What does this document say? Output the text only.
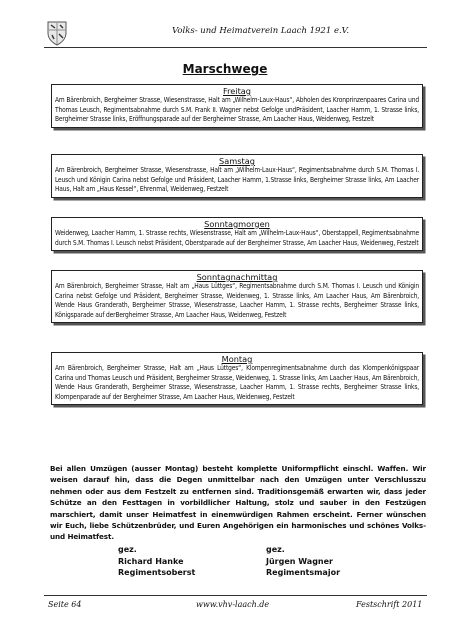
Volks- und Heimatverein Laach 1921 e.V.
Marschwege
Freitag
Am Bärenbroich, Bergheimer Strasse, Wiesenstrasse, Halt am „Wilhelm-Laux-Haus“, Abholen des Kronprinzenpaares Carina und Thomas Leusch, Regimentsabnahme durch S.M. Frank II. Wagner nebst Gefolge undPräsident, Laacher Hamm, 1. Strasse links, Bergheimer Strasse links, Eröffnungsparade auf der Bergheimer Strasse, Am Laacher Haus, Weidenweg, Festzelt
Samstag
Am Bärenbroich, Bergheimer Strasse, Wiesenstrasse, Halt am „Wilhelm-Laux-Haus“, Regimentsabnahme durch S.M. Thomas I. Leusch und Königin Carina nebst Gefolge und Präsident, Laacher Hamm, 1.Strasse links, Bergheimer Strasse links, Am Laacher Haus, Halt am „Haus Kessel“, Ehrenmal, Weidenweg, Festzelt
Sonntagmorgen
Weidenweg, Laacher Hamm, 1. Strasse rechts, Wiesenstrasse, Halt am „Wilhelm-Laux-Haus“, Oberstappell, Regimentsabnahme durch S.M. Thomas I. Leusch nebst Präsident, Oberstparade auf der Bergheimer Strasse, Am Laacher Haus, Weidenweg, Festzelt
Sonntagnachmittag
Am Bärenbroich, Bergheimer Strasse, Halt am „Haus Lüttges“, Regimentsabnahme durch S.M. Thomas I. Leusch und Königin Carina nebst Gefolge und Präsident, Bergheimer Strasse, Weidenweg, 1. Strasse links, Am Laacher Haus, Am Bärenbroich, Wende Haus Granderath, Bergheimer Strasse, Wiesenstrasse, Laacher Hamm, 1. Strasse rechts, Bergheimer Strasse links, Königsparade auf derBergheimer Strasse, Am Laacher Haus, Weidenweg, Festzelt
Montag
Am Bärenbroich, Bergheimer Strasse, Halt am „Haus Lüttges“, Klompenregimentsabnahme durch das Klompenkönigspaar Carina und Thomas Leusch und Präsident, Bergheimer Strasse, Weidenweg, 1. Strasse links, Am Laacher Haus, Am Bärenbroich, Wende Haus Granderath, Bergheimer Strasse, Wiesenstrasse, Laacher Hamm, 1. Strasse rechts, Bergheimer Strasse links, Klompenparade auf der Bergheimer Strasse, Am Laacher Haus, Weidenweg, Festzelt
Bei allen Umzügen (ausser Montag) besteht komplette Uniformpflicht einschl. Waffen. Wir weisen darauf hin, dass die Degen unmittelbar nach den Umzügen unter Verschlusszu nehmen oder aus dem Festzelt zu entfernen sind. Traditionsgemäß erwarten wir, dass jeder Schütze an den Festtagen in vorbildlicher Haltung, stolz und sauber in den Festzügen marschiert, damit unser Heimatfest in einemwürdigen Rahmen erscheint. Ferner wünschen wir Euch, liebe Schützenbrüder, und Euren Angehörigen ein harmonisches und schönes Volks- und Heimatfest.
gez.
Richard Hanke
Regimentsoberst
gez.
Jürgen Wagner
Regimentsmajor
Seite 64	www.vhv-laach.de	Festschrift 2011
